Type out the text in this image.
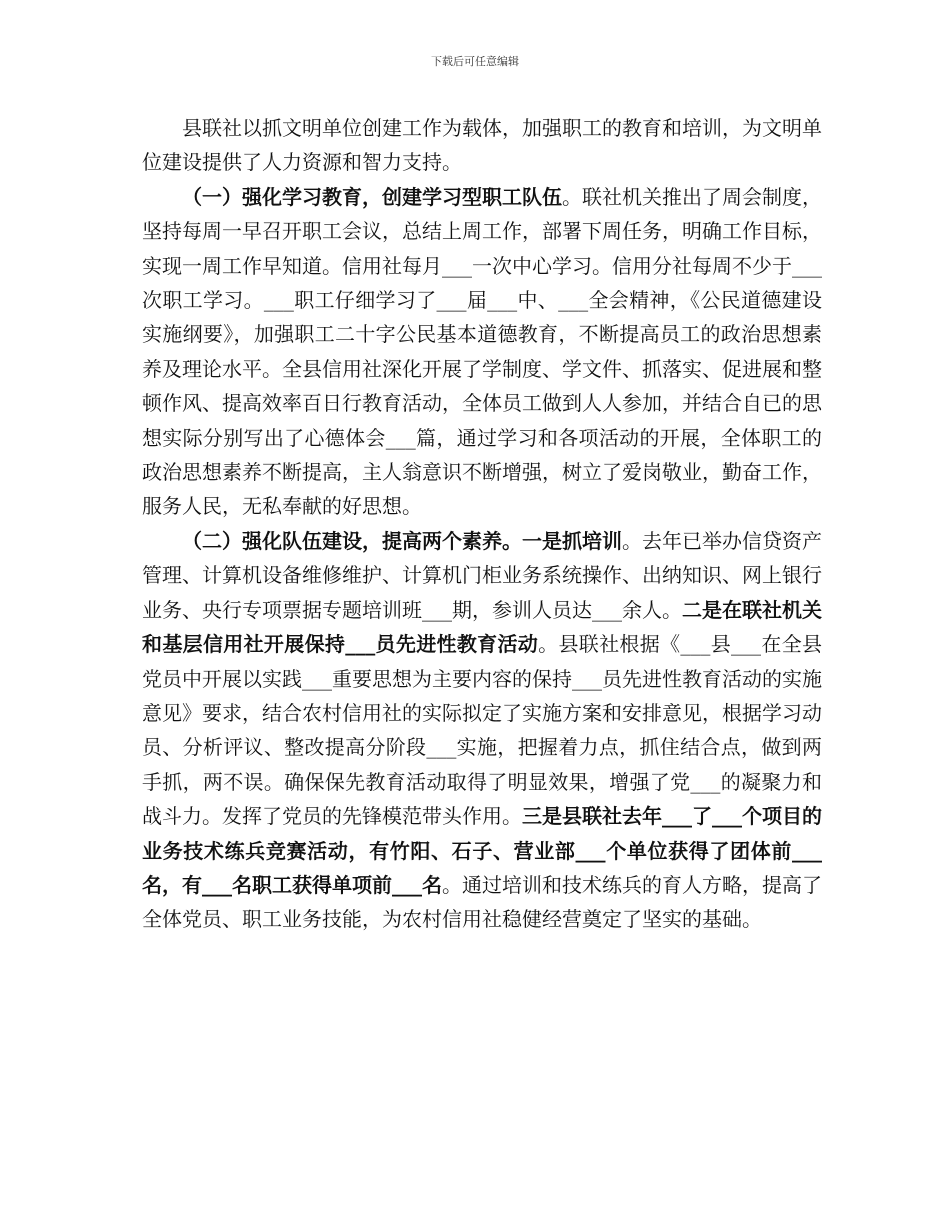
下载后可任意编辑

县联社以抓文明单位创建工作为载体，加强职工的教育和培训，为文明单位建设提供了人力资源和智力支持。

（一）强化学习教育，创建学习型职工队伍。联社机关推出了周会制度，坚持每周一早召开职工会议，总结上周工作，部署下周任务，明确工作目标，实现一周工作早知道。信用社每月___一次中心学习。信用分社每周不少于___次职工学习。___职工仔细学习了___届___中、___全会精神，《公民道德建设实施纲要》，加强职工二十字公民基本道德教育，不断提高员工的政治思想素养及理论水平。全县信用社深化开展了学制度、学文件、抓落实、促进展和整顿作风、提高效率百日行教育活动，全体员工做到人人参加，并结合自已的思想实际分别写出了心德体会___篇，通过学习和各项活动的开展，全体职工的政治思想素养不断提高，主人翁意识不断增强，树立了爱岗敬业，勤奋工作，服务人民，无私奉献的好思想。

（二）强化队伍建设，提高两个素养。一是抓培训。去年已举办信贷资产管理、计算机设备维修维护、计算机门柜业务系统操作、出纳知识、网上银行业务、央行专项票据专题培训班___期，参训人员达___余人。二是在联社机关和基层信用社开展保持___员先进性教育活动。县联社根据《___县___在全县党员中开展以实践___重要思想为主要内容的保持___员先进性教育活动的实施意见》要求，结合农村信用社的实际拟定了实施方案和安排意见，根据学习动员、分析评议、整改提高分阶段___实施，把握着力点，抓住结合点，做到两手抓，两不误。确保保先教育活动取得了明显效果，增强了党___的凝聚力和战斗力。发挥了党员的先锋模范带头作用。三是县联社去年___了___个项目的业务技术练兵竞赛活动，有竹阳、石子、营业部___个单位获得了团体前___名，有___名职工获得单项前___名。通过培训和技术练兵的育人方略，提高了全体党员、职工业务技能，为农村信用社稳健经营奠定了坚实的基础。
